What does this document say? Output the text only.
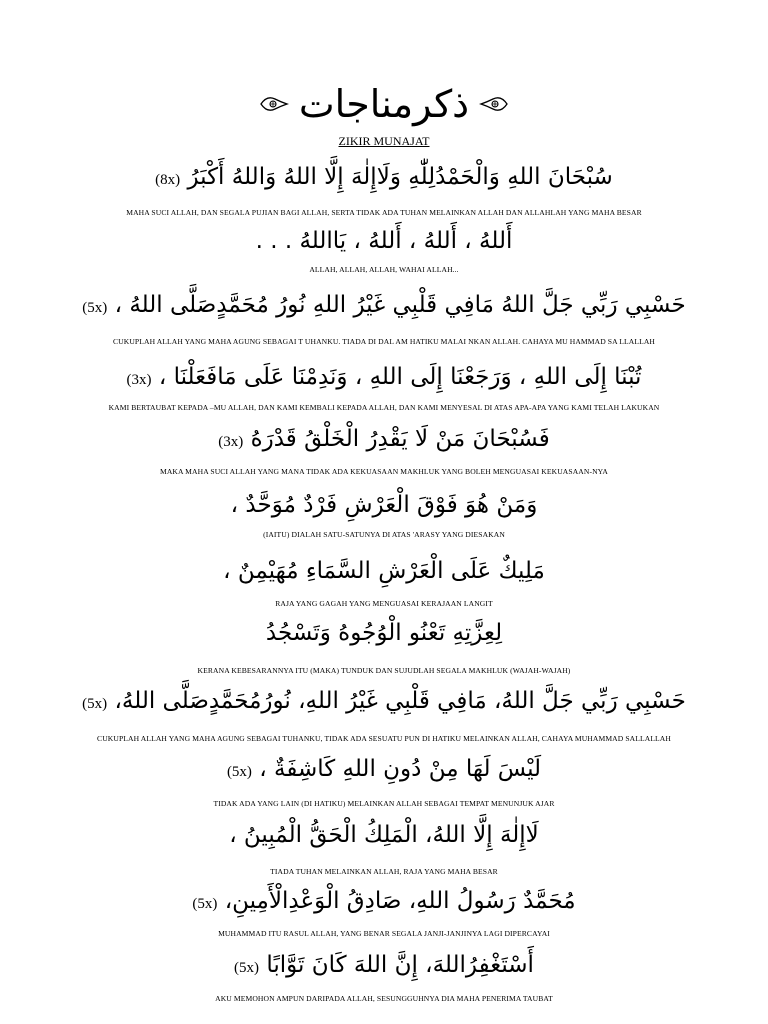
ذكرمناجات
ZIKIR MUNAJAT
سُبْحَانَ اللهِ وَالْحَمْدُلِلّٰهِ وَلَاإِلٰهَ إِلَّا اللهُ وَاللهُ أَكْبَرُ (8x)
MAHA SUCI ALLAH, DAN SEGALA PUJIAN BAGI ALLAH, SERTA TIDAK ADA TUHAN MELAINKAN ALLAH DAN ALLAHLAH YANG MAHA BESAR
أَللهُ ، أَللهُ ، أَللهُ ، يَااللهُ . . .
ALLAH, ALLAH, ALLAH, WAHAI ALLAH...
حَسْبِي رَبِّي جَلَّ اللهُ مَافِي قَلْبِي غَيْرُ اللهِ نُورُ مُحَمَّدٍصَلَّى اللهُ ، (5x)
CUKUPLAH ALLAH YANG MAHA AGUNG SEBAGAI T UHANKU. TIADA DI DAL AM HATIKU MALAI NKAN ALLAH. CAHAYA MU HAMMAD SA LLALLAH
تُبْنَا إِلَى اللهِ ، وَرَجَعْنَا إِلَى اللهِ ، وَنَدِمْنَا عَلَى مَافَعَلْنَا ، (3x)
KAMI BERTAUBAT KEPADA –MU ALLAH, DAN KAMI KEMBALI KEPADA ALLAH, DAN KAMI MENYESAL DI ATAS APA-APA YANG KAMI TELAH LAKUKAN
فَسُبْحَانَ مَنْ لَا يَقْدِرُ الْخَلْقُ قَدْرَهُ (3x)
MAKA MAHA SUCI ALLAH YANG MANA TIDAK ADA KEKUASAAN MAKHLUK YANG BOLEH MENGUASAI KEKUASAAN-NYA
وَمَنْ هُوَ فَوْقَ الْعَرْشِ فَرْدٌ مُوَحَّدٌ ،
(IAITU) DIALAH SATU-SATUNYA DI ATAS 'ARASY YANG DIESAKAN
مَلِيكٌ عَلَى الْعَرْشِ السَّمَاءِ مُهَيْمِنٌ ،
RAJA YANG GAGAH YANG MENGUASAI KERAJAAN LANGIT
لِعِزَّتِهِ تَعْنُو الْوُجُوهُ وَتَسْجُدُ
KERANA KEBESARANNYA ITU (MAKA) TUNDUK DAN SUJUDLAH SEGALA MAKHLUK (WAJAH-WAJAH)
حَسْبِي رَبِّي جَلَّ اللهُ، مَافِي قَلْبِي غَيْرُ اللهِ، نُورُمُحَمَّدٍصَلَّى اللهُ، (5x)
CUKUPLAH ALLAH YANG MAHA AGUNG SEBAGAI TUHANKU, TIDAK ADA SESUATU PUN DI HATIKU MELAINKAN ALLAH, CAHAYA MUHAMMAD SALLALLAH
لَيْسَ لَهَا مِنْ دُونِ اللهِ كَاشِفَةٌ ، (5x)
TIDAK ADA YANG LAIN (DI HATIKU) MELAINKAN ALLAH SEBAGAI TEMPAT MENUNJUK AJAR
لَاإِلٰهَ إِلَّا اللهُ، الْمَلِكُ الْحَقُّ الْمُبِينُ ،
TIADA TUHAN MELAINKAN ALLAH, RAJA YANG MAHA BESAR
مُحَمَّدٌ رَسُولُ اللهِ، صَادِقُ الْوَعْدِالْأَمِينِ، (5x)
MUHAMMAD ITU RASUL ALLAH, YANG BENAR SEGALA JANJI-JANJINYA LAGI DIPERCAYAI
أَسْتَغْفِرُاللهَ، إِنَّ اللهَ كَانَ تَوَّابًا (5x)
AKU MEMOHON AMPUN DARIPADA ALLAH, SESUNGGUHNYA DIA MAHA PENERIMA TAUBAT
